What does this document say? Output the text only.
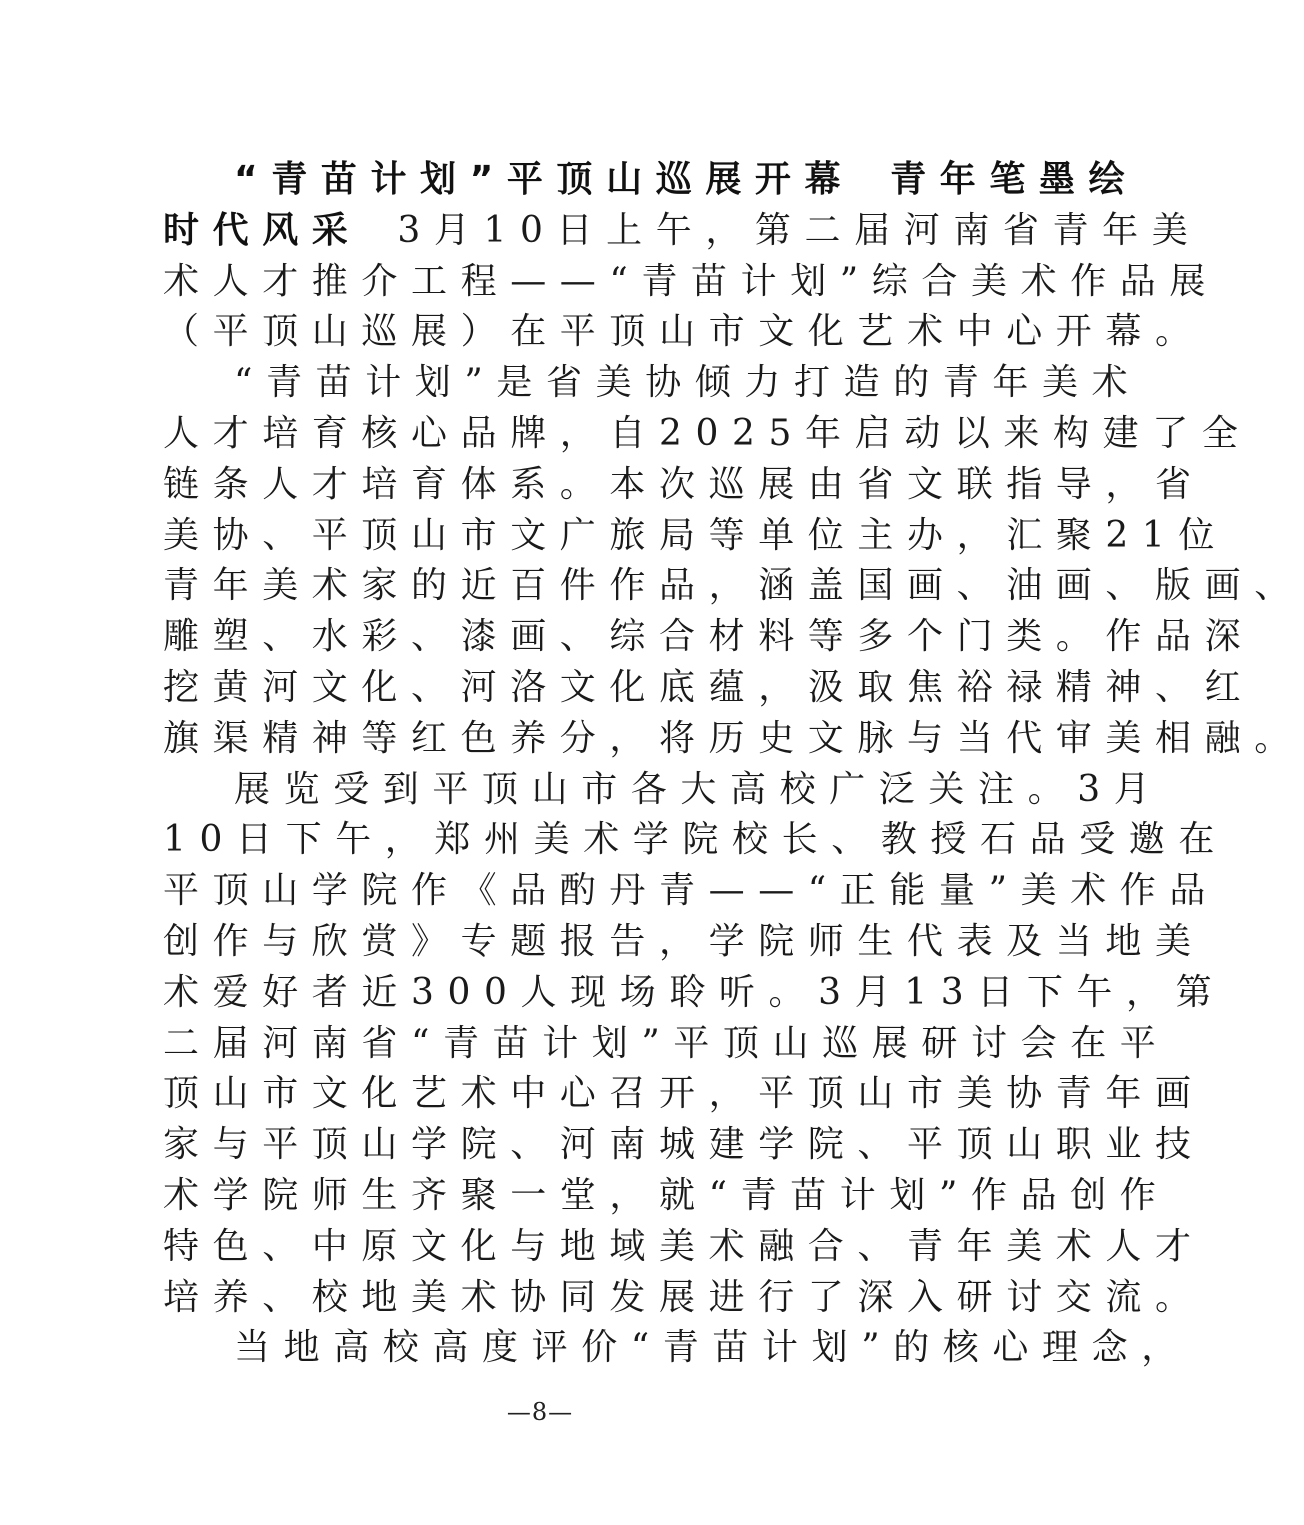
“青苗计划”平顶山巡展开幕 青年笔墨绘
时代风采 3月10日上午，第二届河南省青年美
术人才推介工程——“青苗计划”综合美术作品展
（平顶山巡展）在平顶山市文化艺术中心开幕。
“青苗计划”是省美协倾力打造的青年美术
人才培育核心品牌，自2025年启动以来构建了全
链条人才培育体系。本次巡展由省文联指导，省
美协、平顶山市文广旅局等单位主办，汇聚21位
青年美术家的近百件作品，涵盖国画、油画、版画、
雕塑、水彩、漆画、综合材料等多个门类。作品深
挖黄河文化、河洛文化底蕴，汲取焦裕禄精神、红
旗渠精神等红色养分，将历史文脉与当代审美相融。
展览受到平顶山市各大高校广泛关注。3月
10日下午，郑州美术学院校长、教授石品受邀在
平顶山学院作《品酌丹青——“正能量”美术作品
创作与欣赏》专题报告，学院师生代表及当地美
术爱好者近300人现场聆听。3月13日下午，第
二届河南省“青苗计划”平顶山巡展研讨会在平
顶山市文化艺术中心召开，平顶山市美协青年画
家与平顶山学院、河南城建学院、平顶山职业技
术学院师生齐聚一堂，就“青苗计划”作品创作
特色、中原文化与地域美术融合、青年美术人才
培养、校地美术协同发展进行了深入研讨交流。
当地高校高度评价“青苗计划”的核心理念，
—8—
